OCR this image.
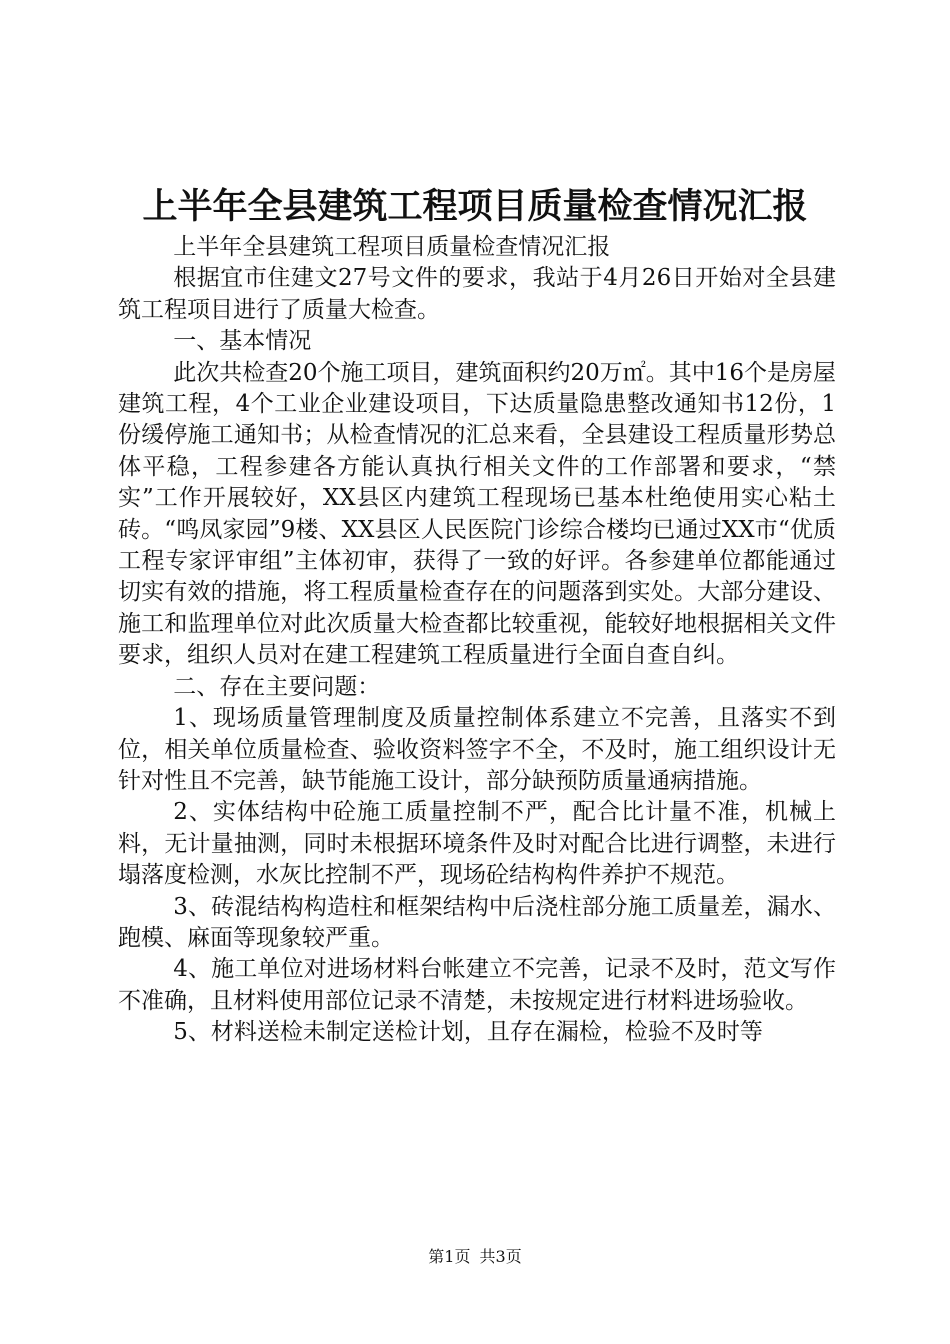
上半年全县建筑工程项目质量检查情况汇报

上半年全县建筑工程项目质量检查情况汇报

根据宜市住建文27号文件的要求，我站于4月26日开始对全县建筑工程项目进行了质量大检查。

一、基本情况

此次共检查20个施工项目，建筑面积约20万㎡。其中16个是房屋建筑工程，4个工业企业建设项目，下达质量隐患整改通知书12份，1份缓停施工通知书；从检查情况的汇总来看，全县建设工程质量形势总体平稳，工程参建各方能认真执行相关文件的工作部署和要求，“禁实”工作开展较好，XX县区内建筑工程现场已基本杜绝使用实心粘土砖。“鸣凤家园”9楼、XX县区人民医院门诊综合楼均已通过XX市“优质工程专家评审组”主体初审，获得了一致的好评。各参建单位都能通过切实有效的措施，将工程质量检查存在的问题落到实处。大部分建设、施工和监理单位对此次质量大检查都比较重视，能较好地根据相关文件要求，组织人员对在建工程建筑工程质量进行全面自查自纠。

二、存在主要问题：

1、现场质量管理制度及质量控制体系建立不完善，且落实不到位，相关单位质量检查、验收资料签字不全，不及时，施工组织设计无针对性且不完善，缺节能施工设计，部分缺预防质量通病措施。

2、实体结构中砼施工质量控制不严，配合比计量不准，机械上料，无计量抽测，同时未根据环境条件及时对配合比进行调整，未进行塌落度检测，水灰比控制不严，现场砼结构构件养护不规范。

3、砖混结构构造柱和框架结构中后浇柱部分施工质量差，漏水、跑模、麻面等现象较严重。

4、施工单位对进场材料台帐建立不完善，记录不及时，范文写作不准确，且材料使用部位记录不清楚，未按规定进行材料进场验收。

5、材料送检未制定送检计划，且存在漏检，检验不及时等

第1页 共3页
